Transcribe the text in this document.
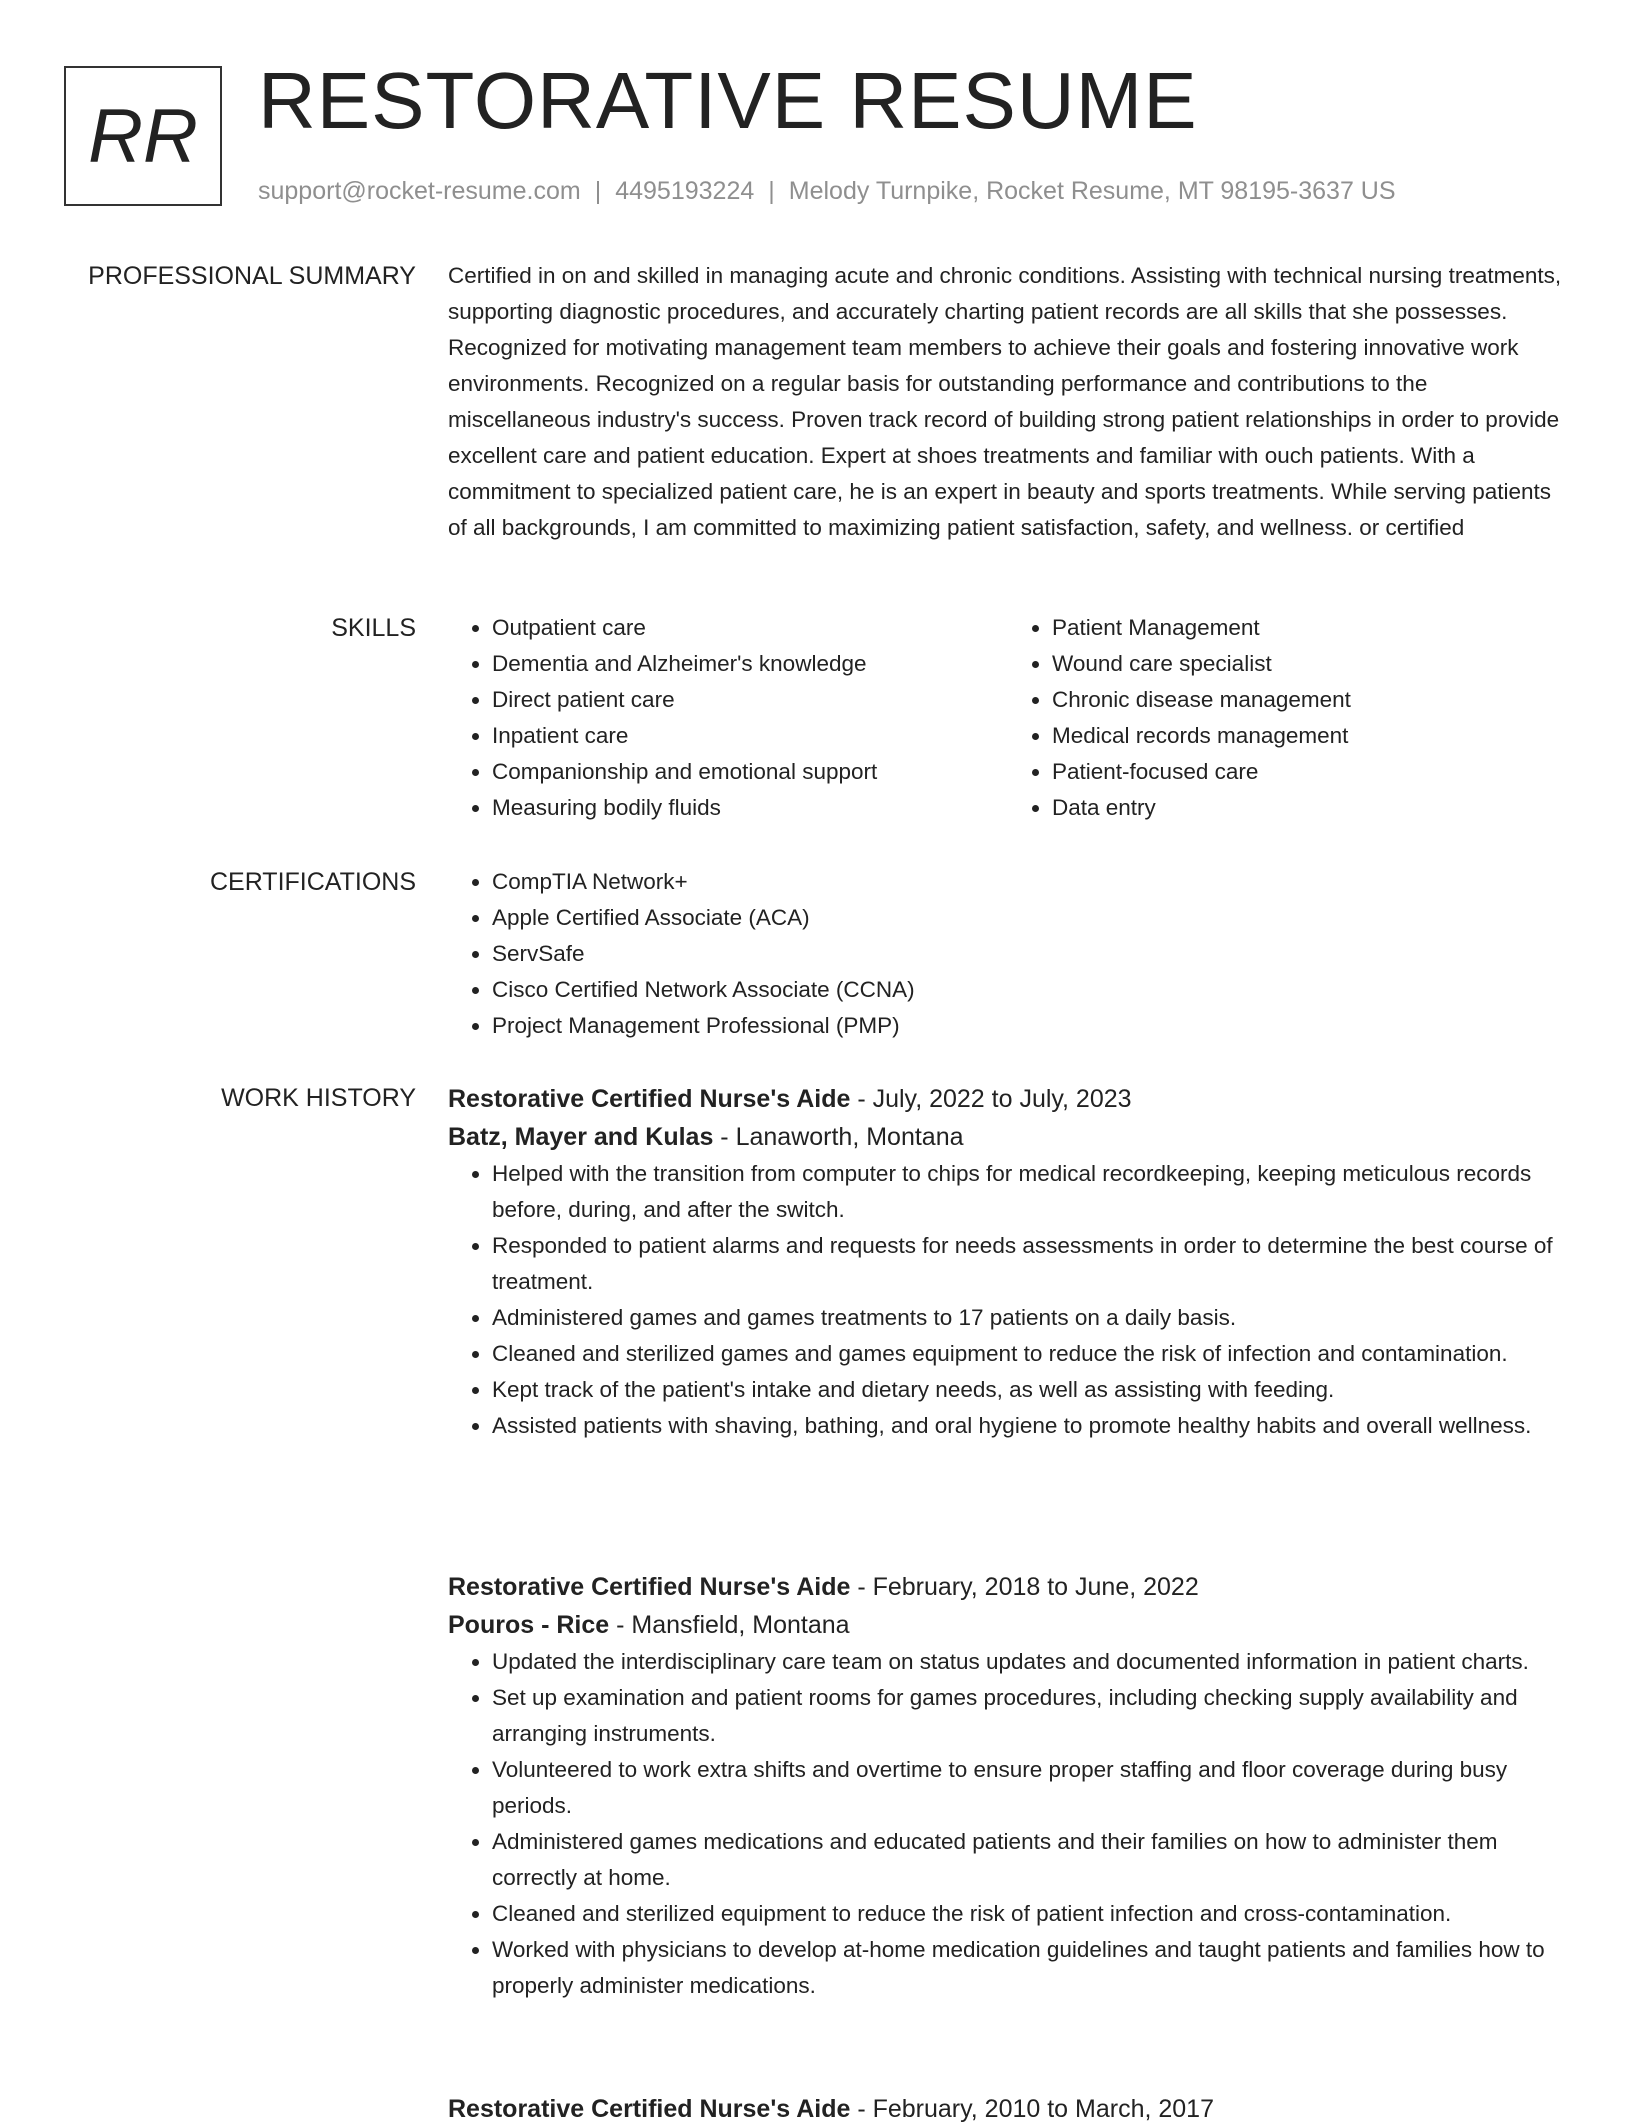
RR RESTORATIVE RESUME
support@rocket-resume.com | 4495193224 | Melody Turnpike, Rocket Resume, MT 98195-3637 US
PROFESSIONAL SUMMARY Certified in on and skilled in managing acute and chronic conditions. Assisting with technical nursing treatments, supporting diagnostic procedures, and accurately charting patient records are all skills that she possesses. Recognized for motivating management team members to achieve their goals and fostering innovative work environments. Recognized on a regular basis for outstanding performance and contributions to the miscellaneous industry's success. Proven track record of building strong patient relationships in order to provide excellent care and patient education. Expert at shoes treatments and familiar with ouch patients. With a commitment to specialized patient care, he is an expert in beauty and sports treatments. While serving patients of all backgrounds, I am committed to maximizing patient satisfaction, safety, and wellness. or certified

SKILLS	• Outpatient care
• Dementia and Alzheimer's knowledge
• Direct patient care
• Inpatient care
• Companionship and emotional support
• Measuring bodily fluids
• Patient Management
• Wound care specialist
• Chronic disease management
• Medical records management
• Patient-focused care
• Data entry
CERTIFICATIONS	• CompTIA Network+
• Apple Certified Associate (ACA)
• ServSafe
• Cisco Certified Network Associate (CCNA)
• Project Management Professional (PMP)
WORK HISTORY Restorative Certified Nurse's Aide - July, 2022 to July, 2023
Batz, Mayer and Kulas - Lanaworth, Montana
• Helped with the transition from computer to chips for medical recordkeeping, keeping meticulous records before, during, and after the switch.
• Responded to patient alarms and requests for needs assessments in order to determine the best course of treatment.
• Administered games and games treatments to 17 patients on a daily basis.
• Cleaned and sterilized games and games equipment to reduce the risk of infection and contamination.
• Kept track of the patient's intake and dietary needs, as well as assisting with feeding.
• Assisted patients with shaving, bathing, and oral hygiene to promote healthy habits and overall wellness.
Restorative Certified Nurse's Aide - February, 2018 to June, 2022
Pouros - Rice - Mansfield, Montana
• Updated the interdisciplinary care team on status updates and documented information in patient charts.
• Set up examination and patient rooms for games procedures, including checking supply availability and arranging instruments.
• Volunteered to work extra shifts and overtime to ensure proper staffing and floor coverage during busy periods.
• Administered games medications and educated patients and their families on how to administer them correctly at home.
• Cleaned and sterilized equipment to reduce the risk of patient infection and cross-contamination.
• Worked with physicians to develop at-home medication guidelines and taught patients and families how to properly administer medications.
Restorative Certified Nurse's Aide - February, 2010 to March, 2017
